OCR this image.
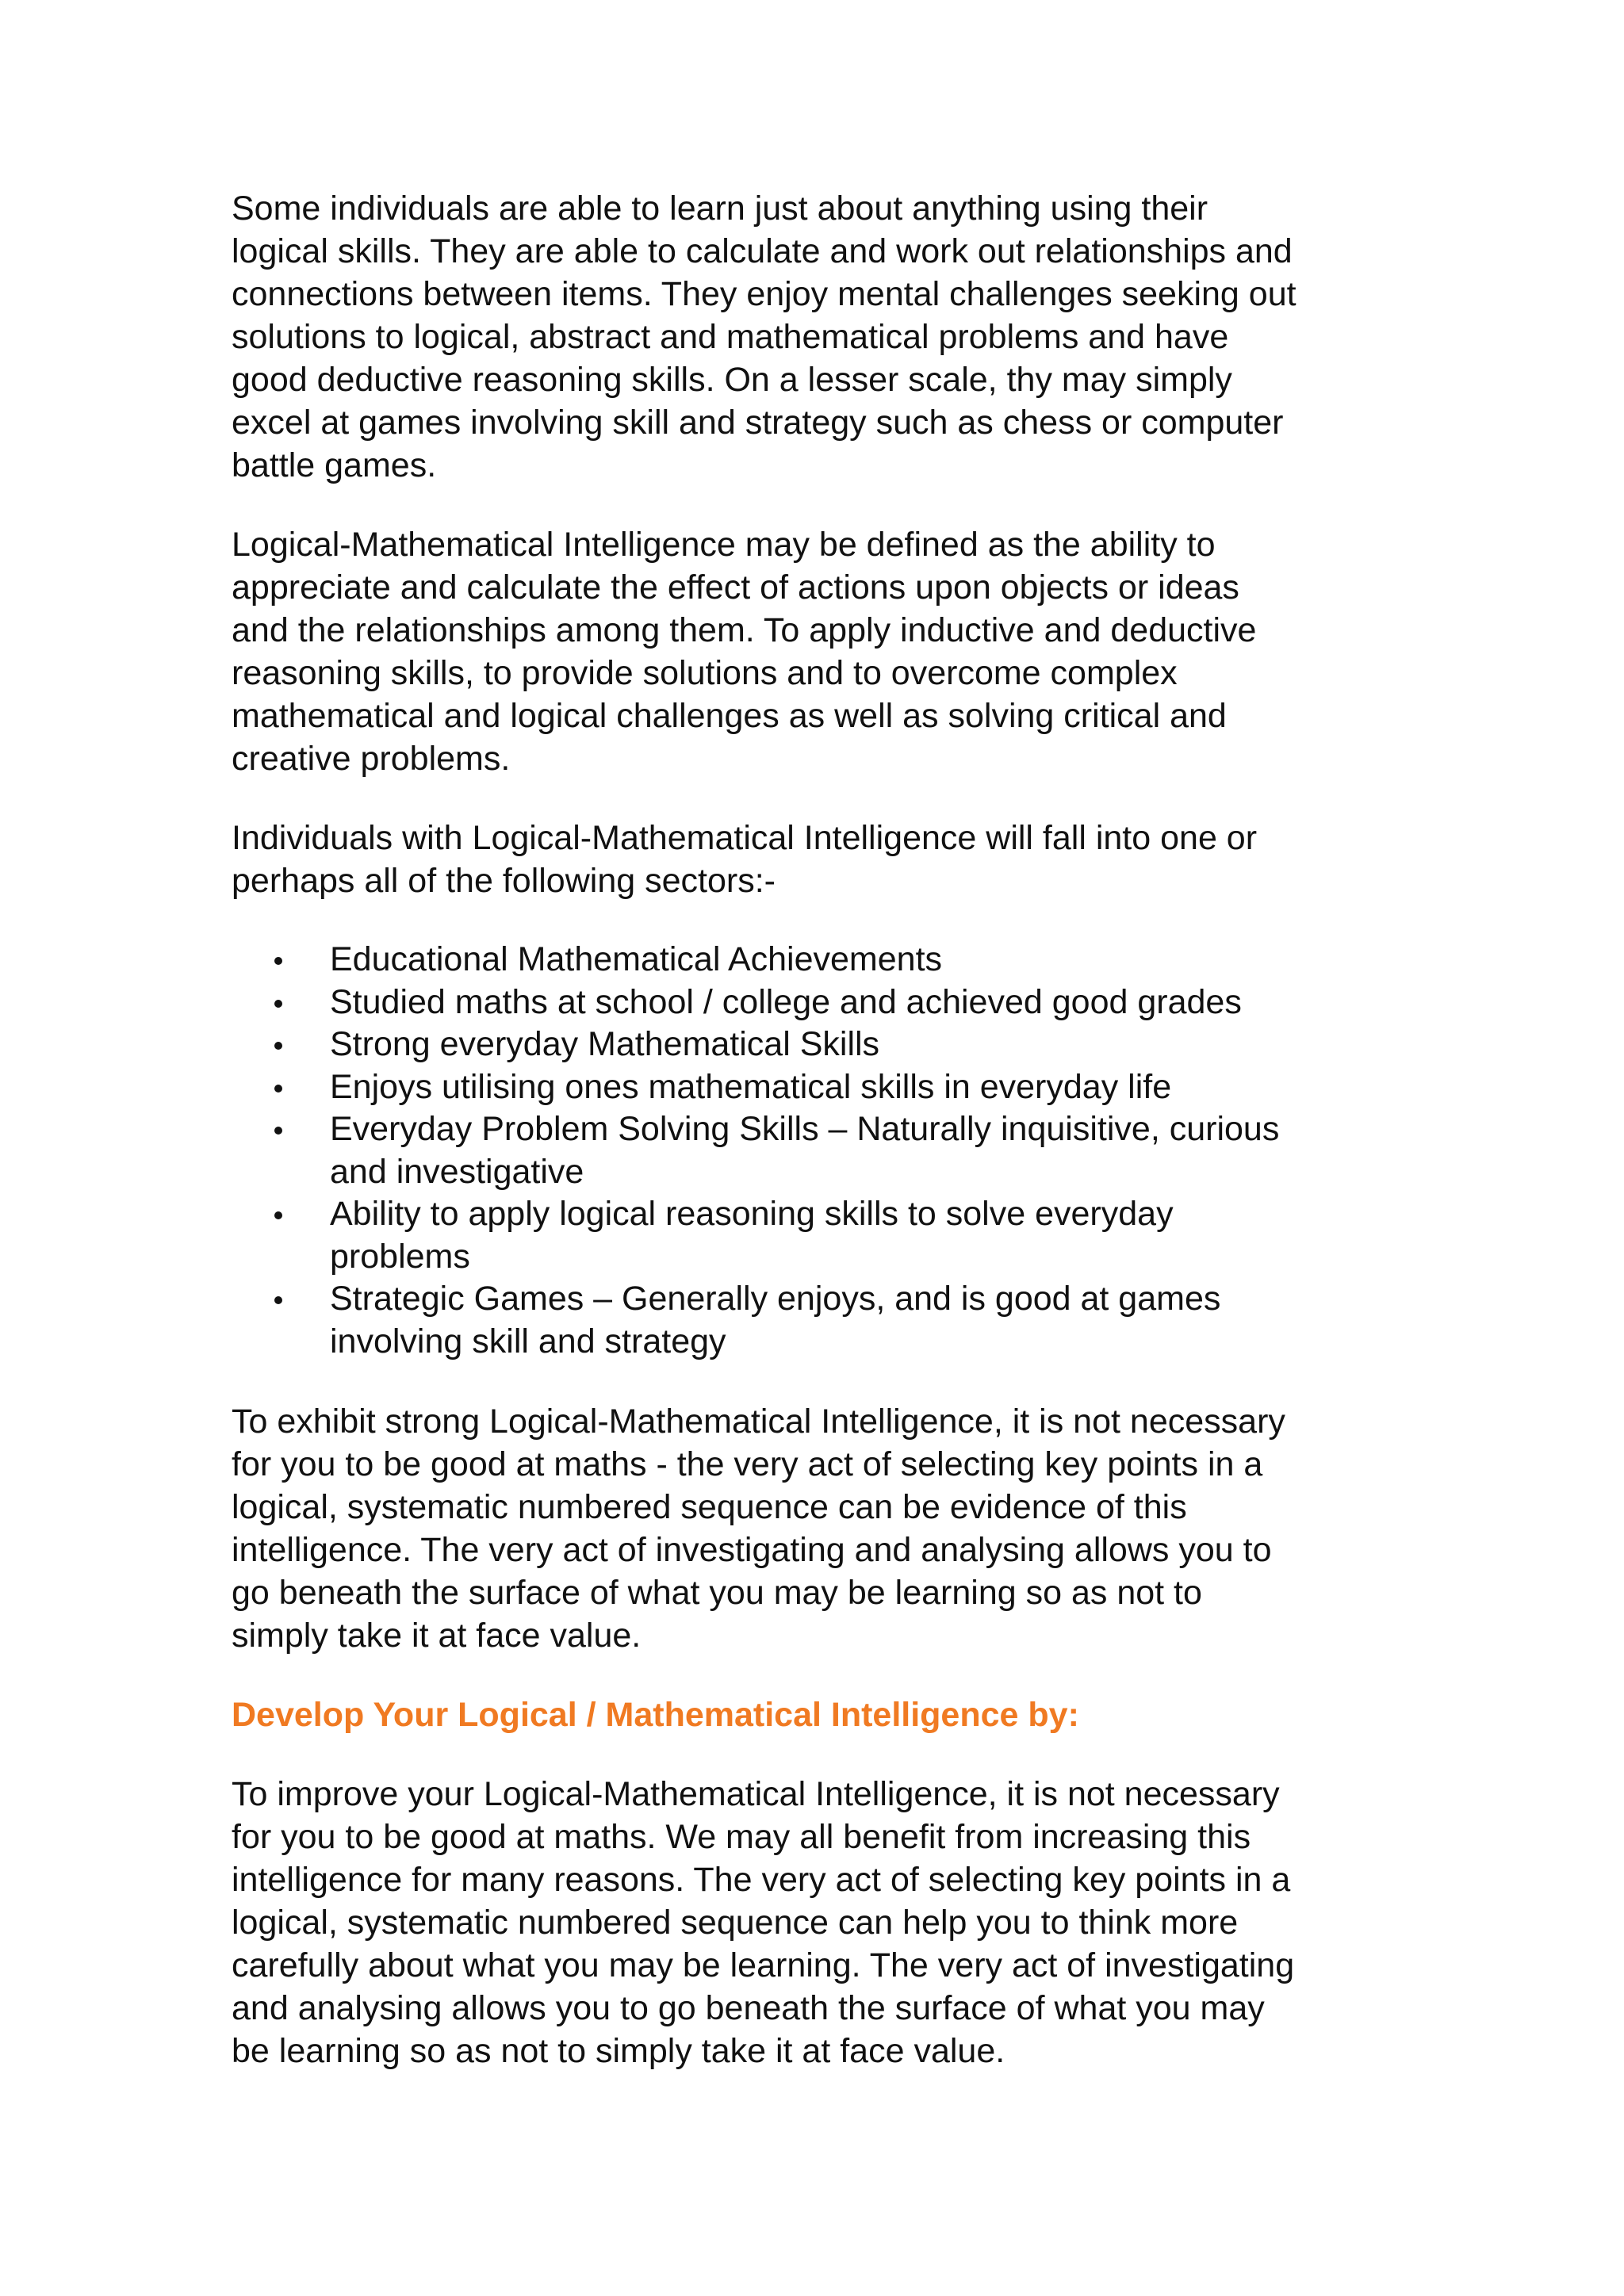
Some individuals are able to learn just about anything using their
logical skills. They are able to calculate and work out relationships and
connections between items. They enjoy mental challenges seeking out
solutions to logical, abstract and mathematical problems and have
good deductive reasoning skills. On a lesser scale, thy may simply
excel at games involving skill and strategy such as chess or computer
battle games.

Logical-Mathematical Intelligence may be defined as the ability to
appreciate and calculate the effect of actions upon objects or ideas
and the relationships among them. To apply inductive and deductive
reasoning skills, to provide solutions and to overcome complex
mathematical and logical challenges as well as solving critical and
creative problems.

Individuals with Logical-Mathematical Intelligence will fall into one or
perhaps all of the following sectors:-

Educational Mathematical Achievements
Studied maths at school / college and achieved good grades
Strong everyday Mathematical Skills
Enjoys utilising ones mathematical skills in everyday life
Everyday Problem Solving Skills – Naturally inquisitive, curious
and investigative
Ability to apply logical reasoning skills to solve everyday
problems
Strategic Games – Generally enjoys, and is good at games
involving skill and strategy

To exhibit strong Logical-Mathematical Intelligence, it is not necessary
for you to be good at maths - the very act of selecting key points in a
logical, systematic numbered sequence can be evidence of this
intelligence. The very act of investigating and analysing allows you to
go beneath the surface of what you may be learning so as not to
simply take it at face value.

Develop Your Logical / Mathematical Intelligence by:

To improve your Logical-Mathematical Intelligence, it is not necessary
for you to be good at maths. We may all benefit from increasing this
intelligence for many reasons. The very act of selecting key points in a
logical, systematic numbered sequence can help you to think more
carefully about what you may be learning. The very act of investigating
and analysing allows you to go beneath the surface of what you may
be learning so as not to simply take it at face value.
